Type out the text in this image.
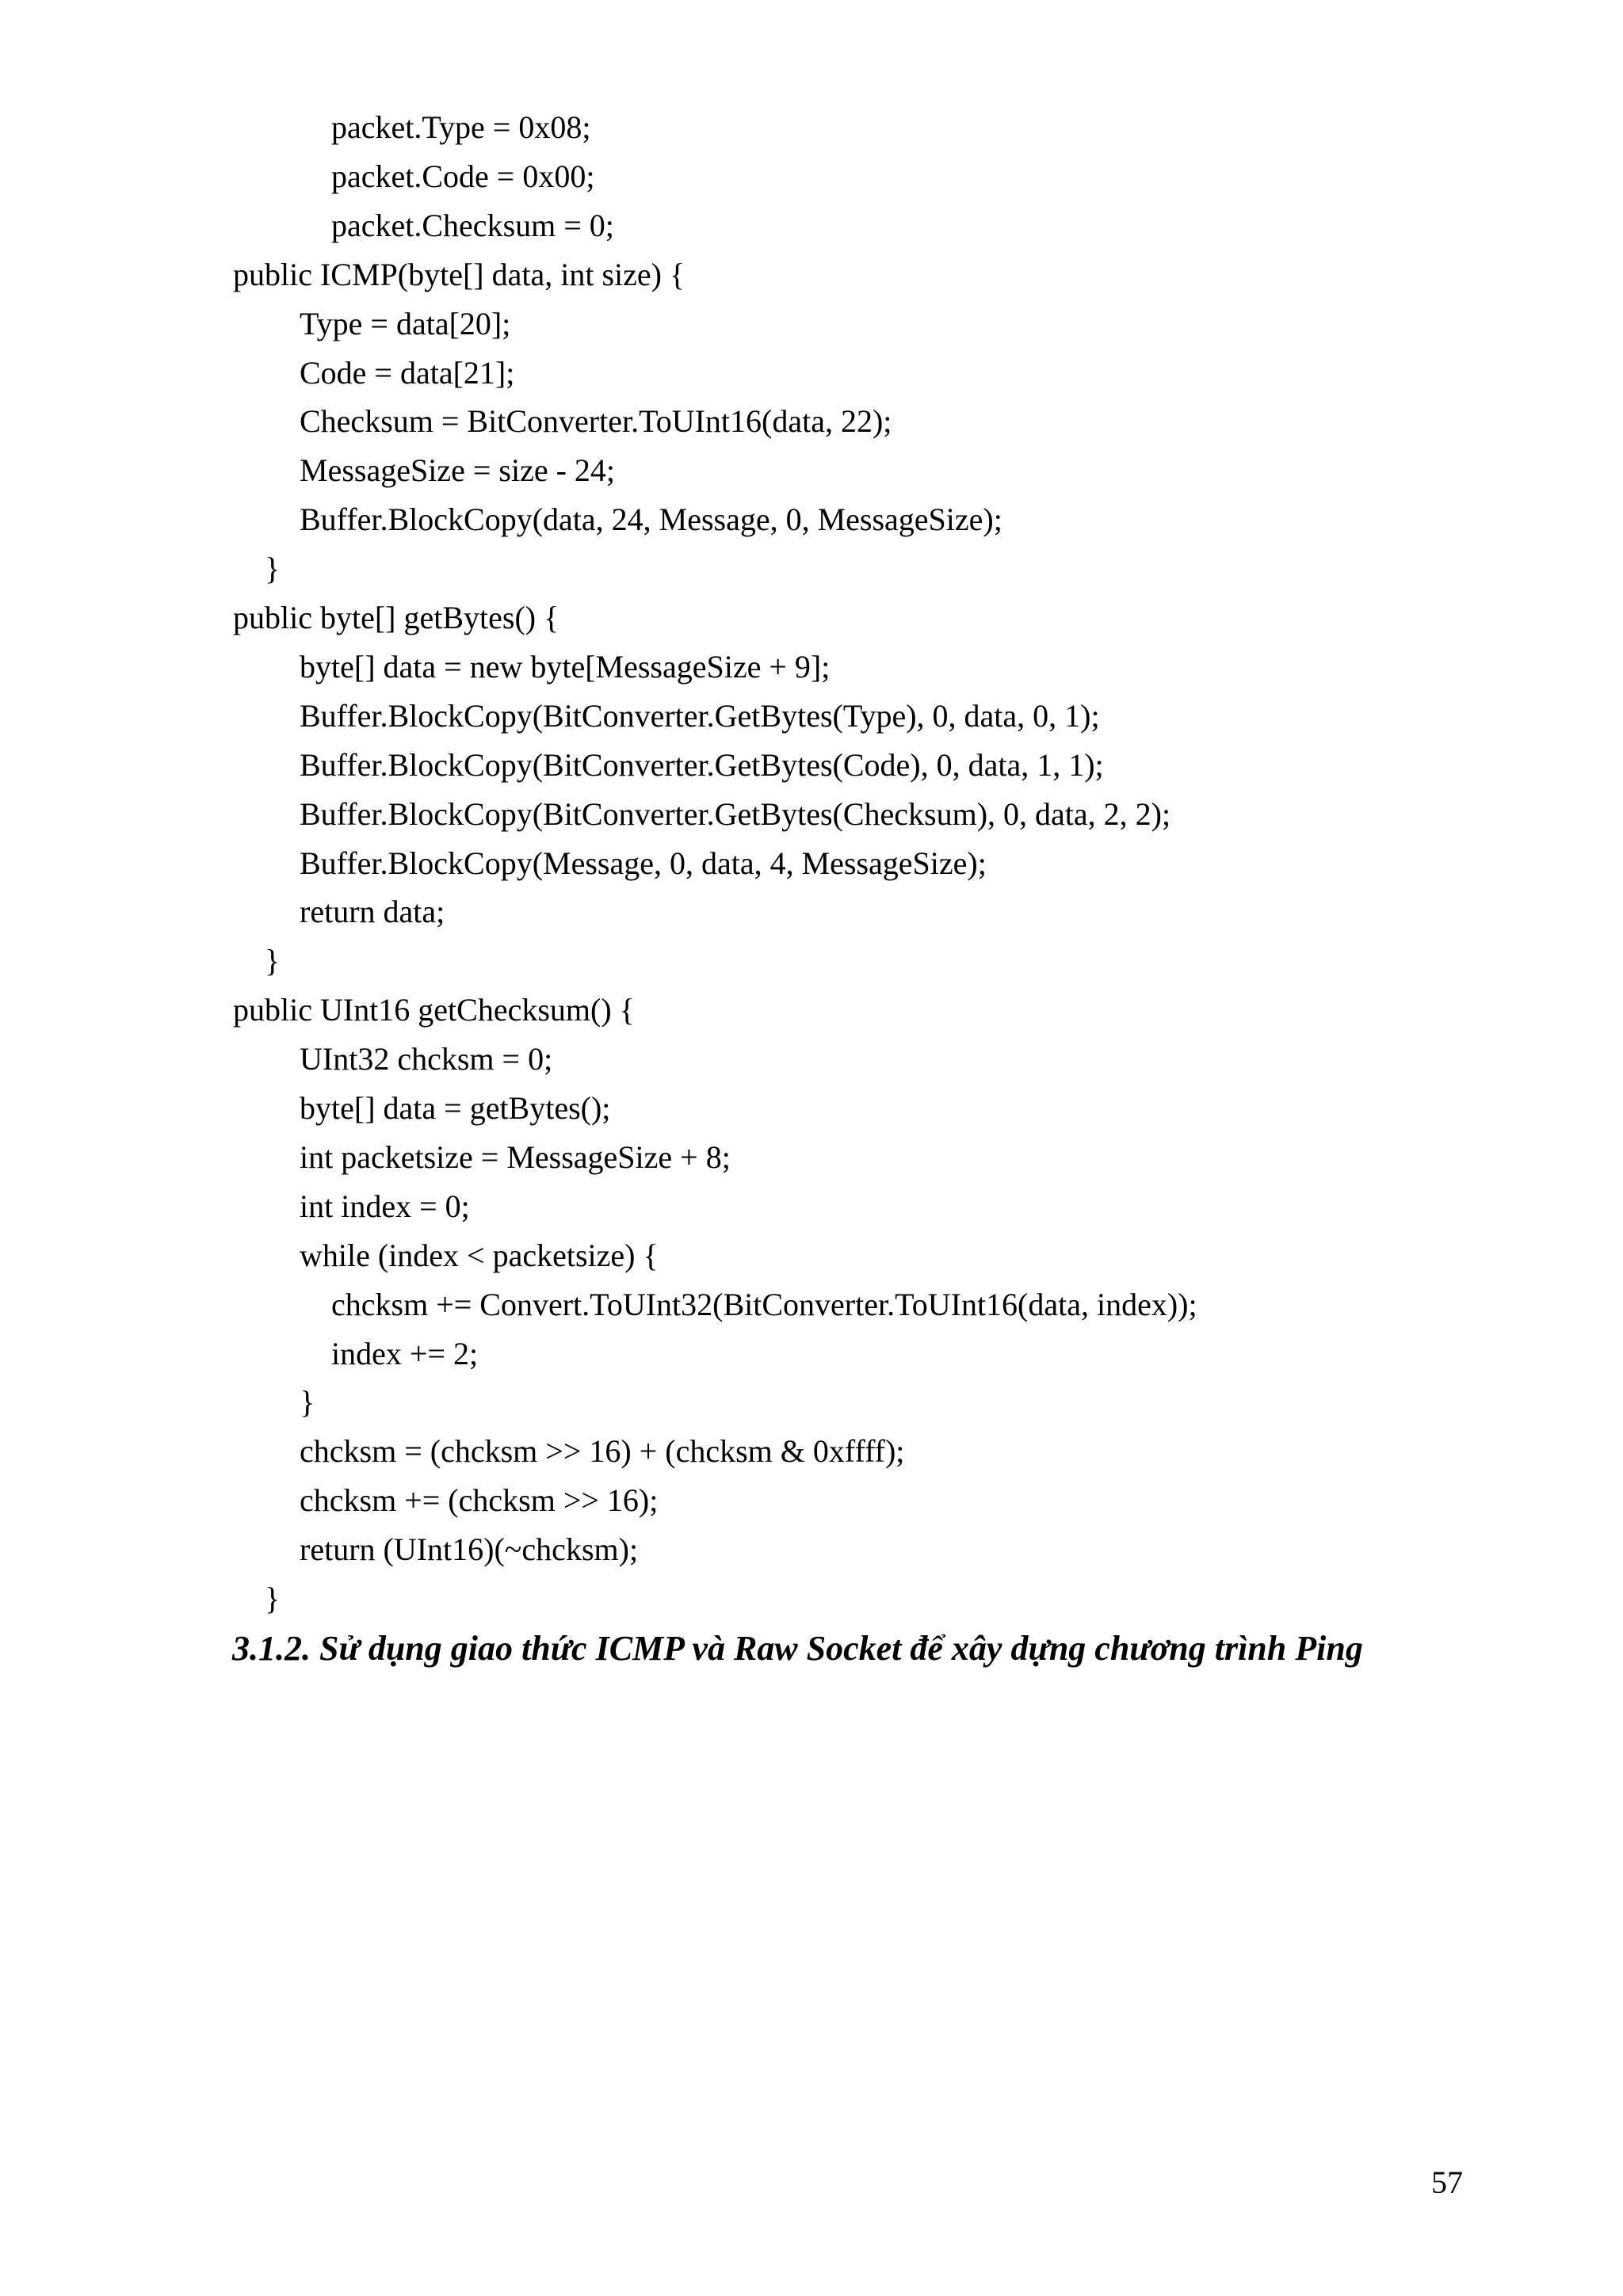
packet.Type = 0x08;
packet.Code = 0x00;
packet.Checksum = 0;
public ICMP(byte[] data, int size) {
Type = data[20];
Code = data[21];
Checksum = BitConverter.ToUInt16(data, 22);
MessageSize = size - 24;
Buffer.BlockCopy(data, 24, Message, 0, MessageSize);
}
public byte[] getBytes() {
byte[] data = new byte[MessageSize + 9];
Buffer.BlockCopy(BitConverter.GetBytes(Type), 0, data, 0, 1);
Buffer.BlockCopy(BitConverter.GetBytes(Code), 0, data, 1, 1);
Buffer.BlockCopy(BitConverter.GetBytes(Checksum), 0, data, 2, 2);
Buffer.BlockCopy(Message, 0, data, 4, MessageSize);
return data;
}
public UInt16 getChecksum() {
UInt32 chcksm = 0;
byte[] data = getBytes();
int packetsize = MessageSize + 8;
int index = 0;
while (index < packetsize) {
chcksm += Convert.ToUInt32(BitConverter.ToUInt16(data, index));
index += 2;
}
chcksm = (chcksm >> 16) + (chcksm & 0xffff);
chcksm += (chcksm >> 16);
return (UInt16)(~chcksm);
}
3.1.2. Sử dụng giao thức ICMP và Raw Socket để xây dựng chương trình Ping
57
